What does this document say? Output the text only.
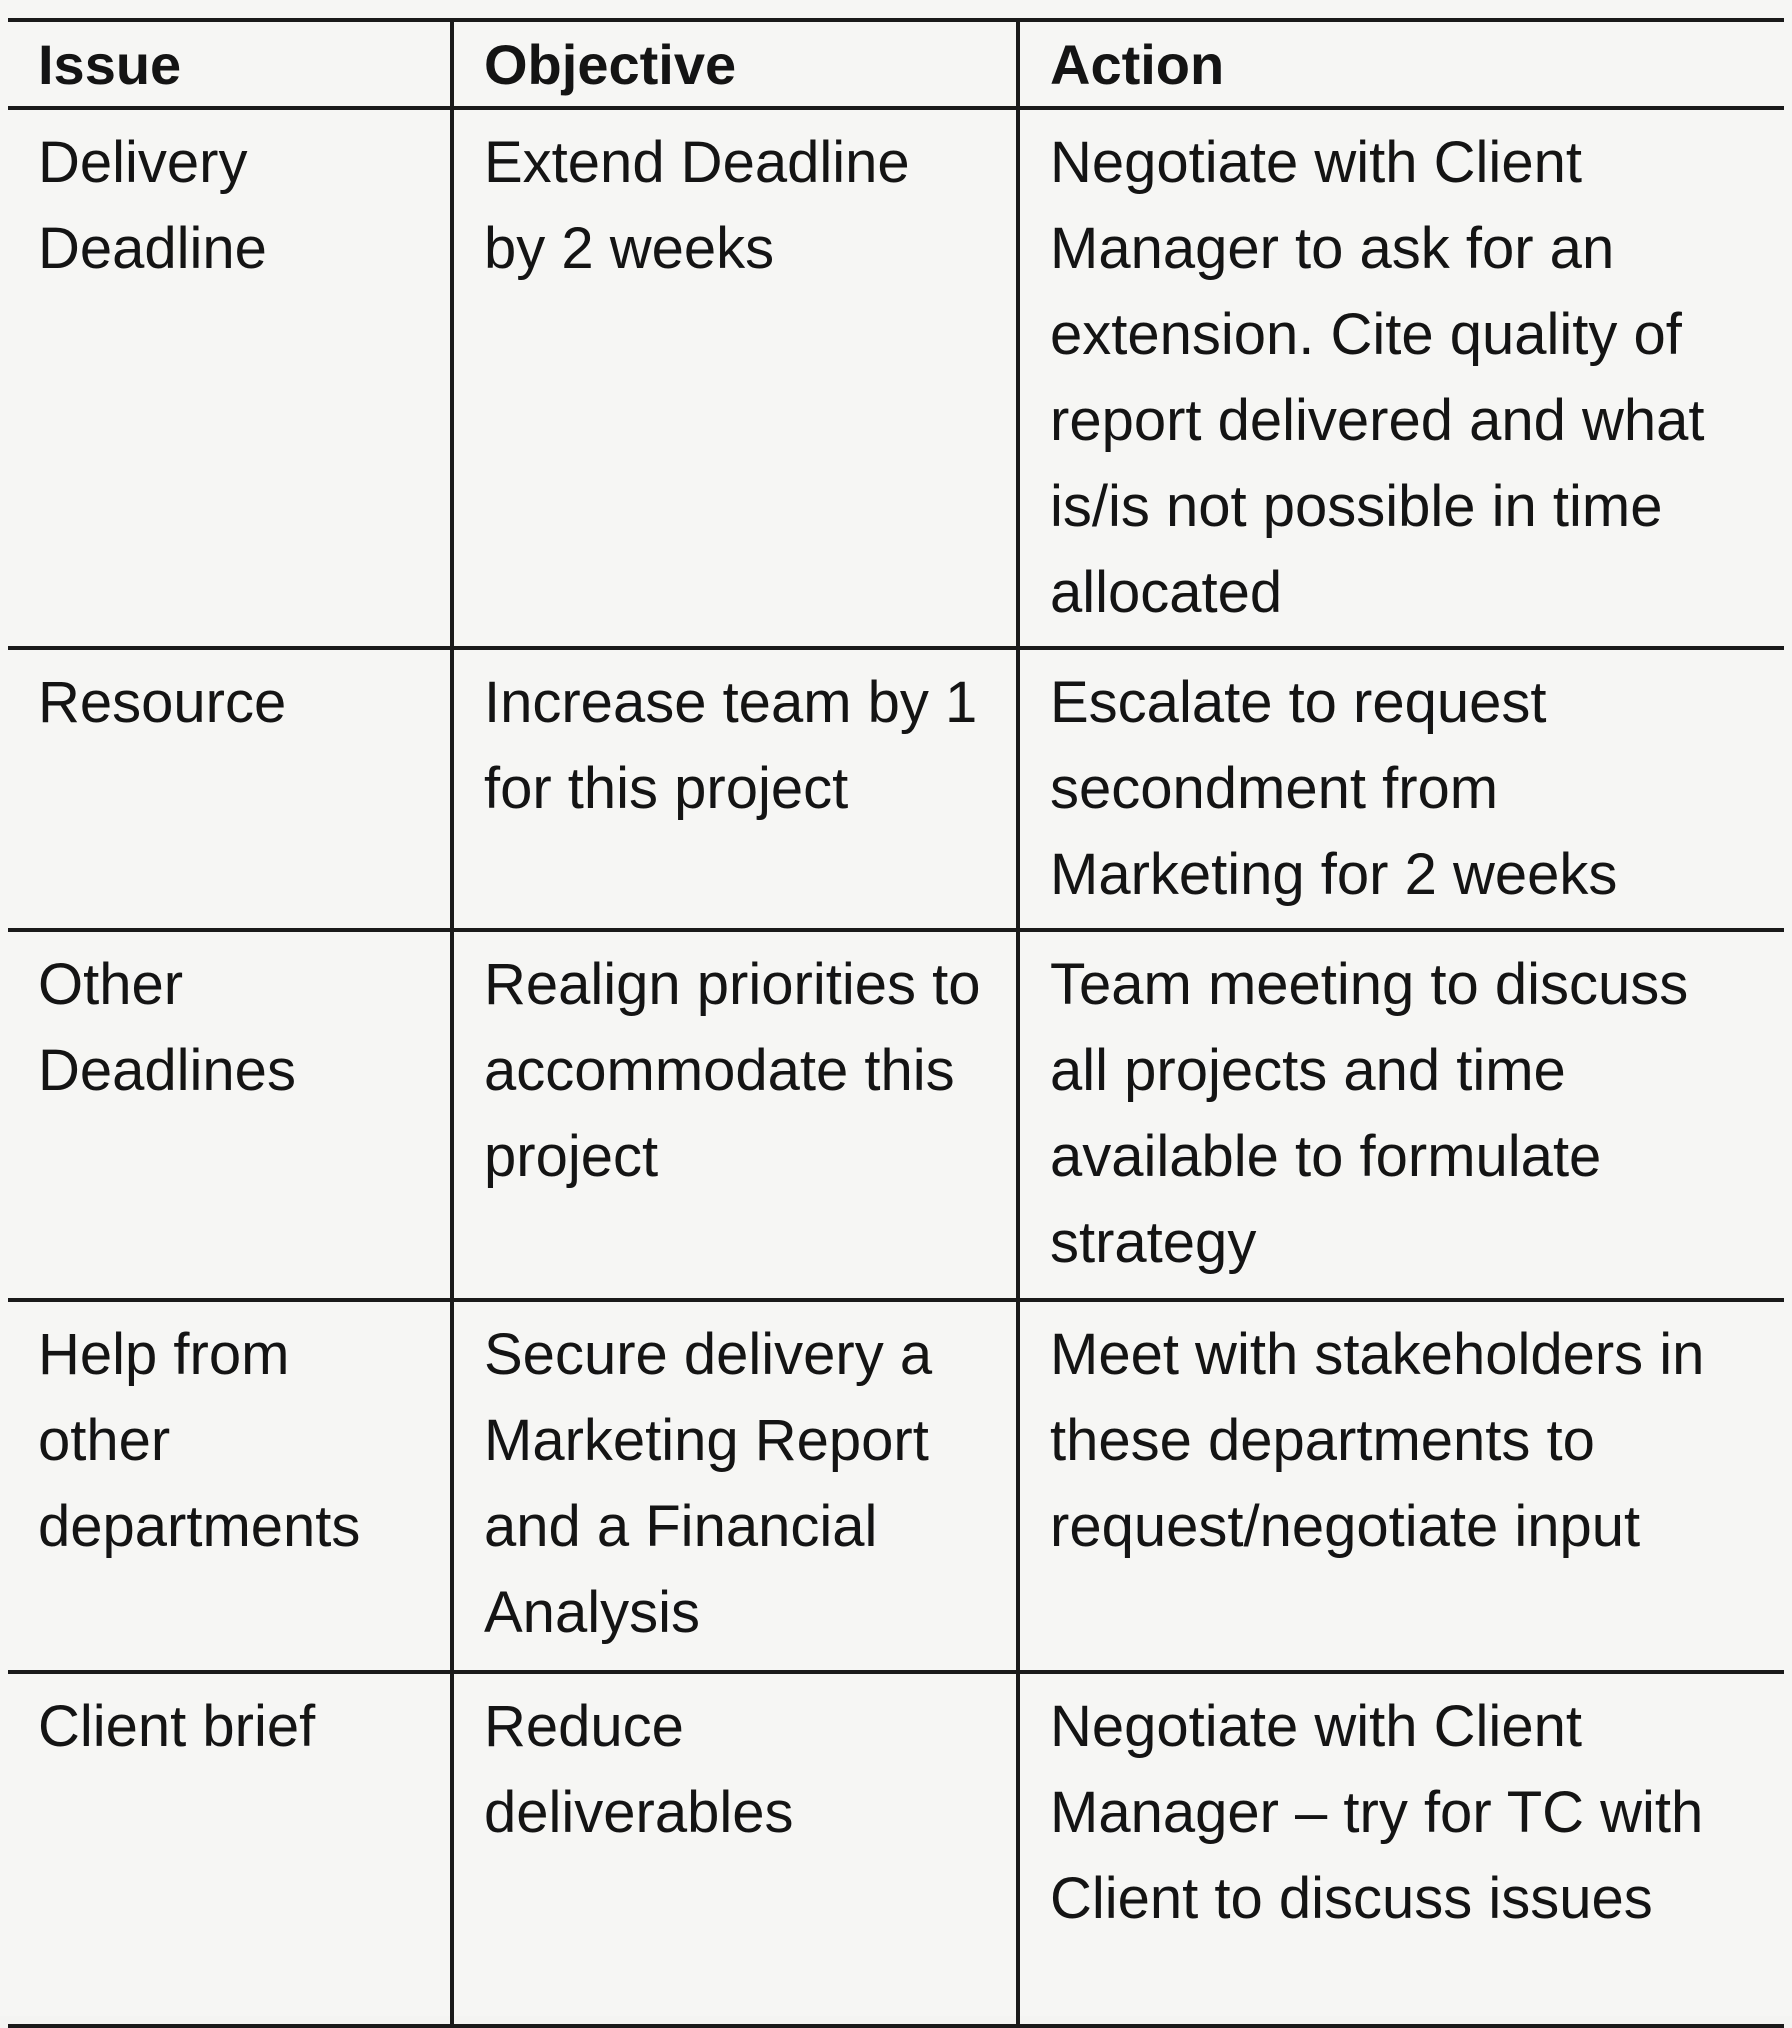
Issue	Objective	Action
Delivery Deadline	Extend Deadline by 2 weeks	Negotiate with Client Manager to ask for an extension. Cite quality of report delivered and what is/is not possible in time allocated
Resource	Increase team by 1 for this project	Escalate to request secondment from Marketing for 2 weeks
Other Deadlines	Realign priorities to accommodate this project	Team meeting to discuss all projects and time available to formulate strategy
Help from other departments	Secure delivery a Marketing Report and a Financial Analysis	Meet with stakeholders in these departments to request/negotiate input
Client brief	Reduce deliverables	Negotiate with Client Manager – try for TC with Client to discuss issues
